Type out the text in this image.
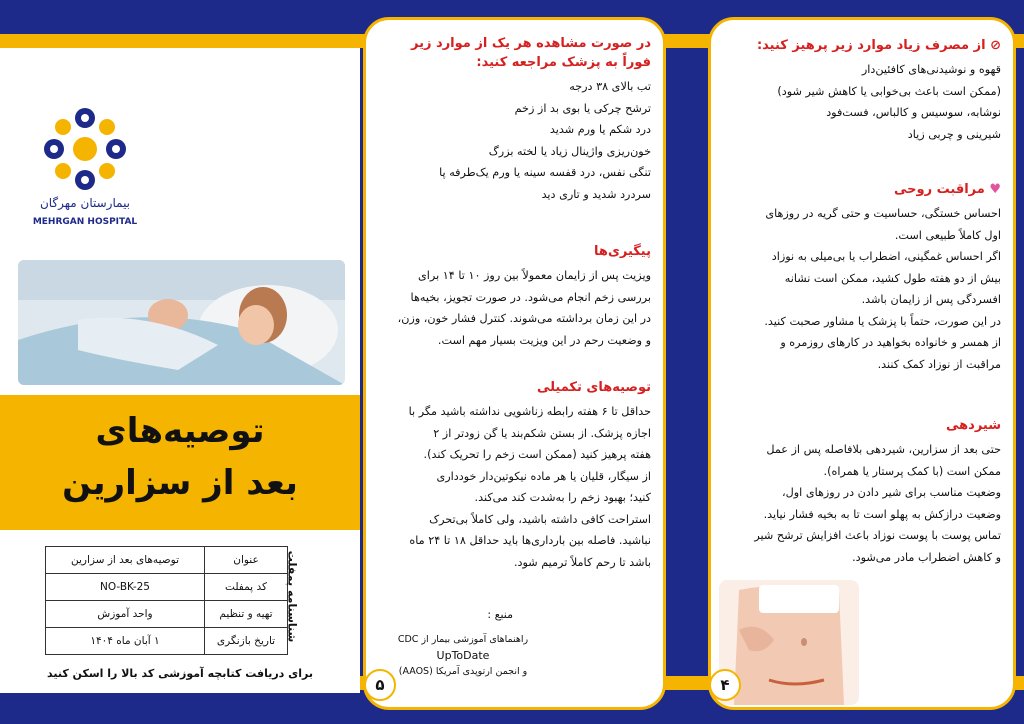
⦸ از مصرف زیاد موارد زیر پرهیز کنید:

قهوه و نوشیدنی‌های کافئین‌دار

(ممکن است باعث بی‌خوابی یا کاهش شیر شود)

نوشابه، سوسیس و کالباس، فست‌فود

شیرینی و چربی زیاد

♥ مراقبت روحی

احساس خستگی، حساسیت و حتی گریه در روزهای

اول کاملاً طبیعی است.

اگر احساس غمگینی، اضطراب یا بی‌میلی به نوزاد

بیش از دو هفته طول کشید، ممکن است نشانه

افسردگی پس از زایمان باشد.

در این صورت، حتماً با پزشک یا مشاور صحبت کنید.

از همسر و خانواده بخواهید در کارهای روزمره و

مراقبت از نوزاد کمک کنند.

شیردهی

حتی بعد از سزارین، شیردهی بلافاصله پس از عمل

ممکن است (با کمک پرستار یا همراه).

وضعیت مناسب برای شیر دادن در روزهای اول،

وضعیت درازکش به پهلو است تا به بخیه فشار نیاید.

تماس پوست با پوست نوزاد باعث افزایش ترشح شیر

و کاهش اضطراب مادر می‌شود.

۴

در صورت مشاهده هر یک از موارد زیر فوراً به پزشک مراجعه کنید:

تب بالای ۳۸ درجه

ترشح چرکی یا بوی بد از زخم

درد شکم یا ورم شدید

خون‌ریزی واژینال زیاد یا لخته بزرگ

تنگی نفس، درد قفسه سینه یا ورم یک‌طرفه پا

سردرد شدید و تاری دید

پیگیری‌ها

ویزیت پس از زایمان معمولاً بین روز ۱۰ تا ۱۴ برای

بررسی زخم انجام می‌شود. در صورت تجویز، بخیه‌ها

در این زمان برداشته می‌شوند. کنترل فشار خون، وزن،

و وضعیت رحم در این ویزیت بسیار مهم است.

توصیه‌های تکمیلی

حداقل تا ۶ هفته رابطه زناشویی نداشته باشید مگر با

اجازه پزشک. از بستن شکم‌بند یا گن زودتر از ۲

هفته پرهیز کنید (ممکن است زخم را تحریک کند).

از سیگار، قلیان یا هر ماده نیکوتین‌دار خودداری

کنید؛ بهبود زخم را به‌شدت کند می‌کند.

استراحت کافی داشته باشید، ولی کاملاً بی‌تحرک

نباشید. فاصله بین بارداری‌ها باید حداقل ۱۸ تا ۲۴ ماه

باشد تا رحم کاملاً ترمیم شود.

منبع :
۵
راهنماهای آموزشی بیمار از CDC
UpToDate
و انجمن ارتوپدی آمریکا (AAOS)
بیمارستان مهرگان
MEHRGAN HOSPITAL
توصیه‌های
بعد از سزارین
عنوان	توصیه‌های بعد از سزارین
کد پمفلت	NO-BK-25
تهیه و تنظیم	واحد آموزش
تاریخ بازنگری	۱ آبان ماه ۱۴۰۴	شناسنامه پمفلت
برای دریافت کتابچه آموزشی کد بالا را اسکن کنید
